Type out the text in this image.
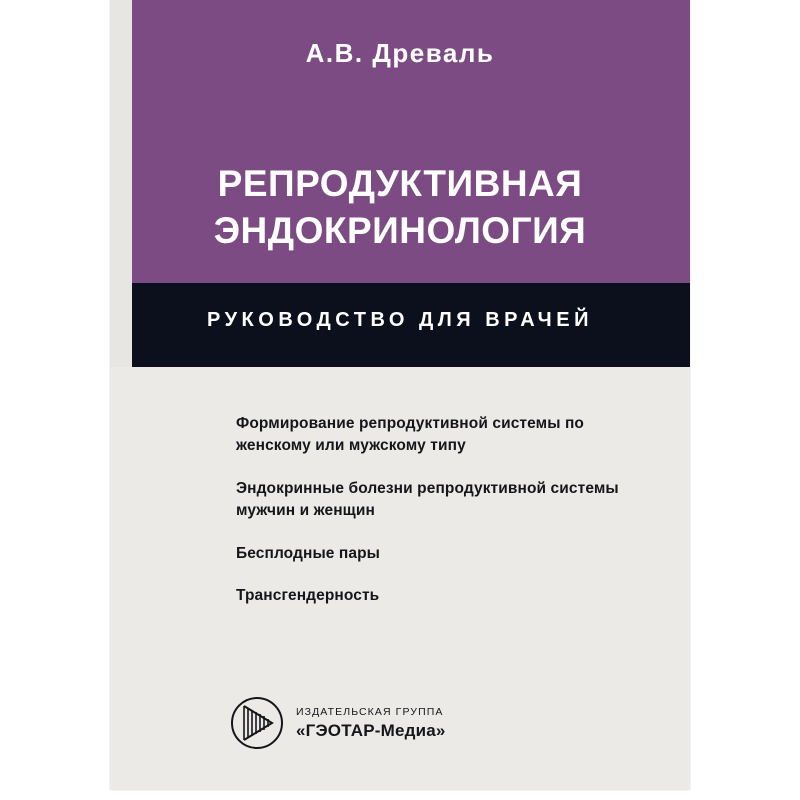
А.В. Древаль
РЕПРОДУКТИВНАЯ
ЭНДОКРИНОЛОГИЯ
РУКОВОДСТВО ДЛЯ ВРАЧЕЙ
Формирование репродуктивной системы по женскому или мужскому типу
Эндокринные болезни репродуктивной системы мужчин и женщин
Бесплодные пары
Трансгендерность
ИЗДАТЕЛЬСКАЯ ГРУППА
«ГЭОТАР-Медиа»
